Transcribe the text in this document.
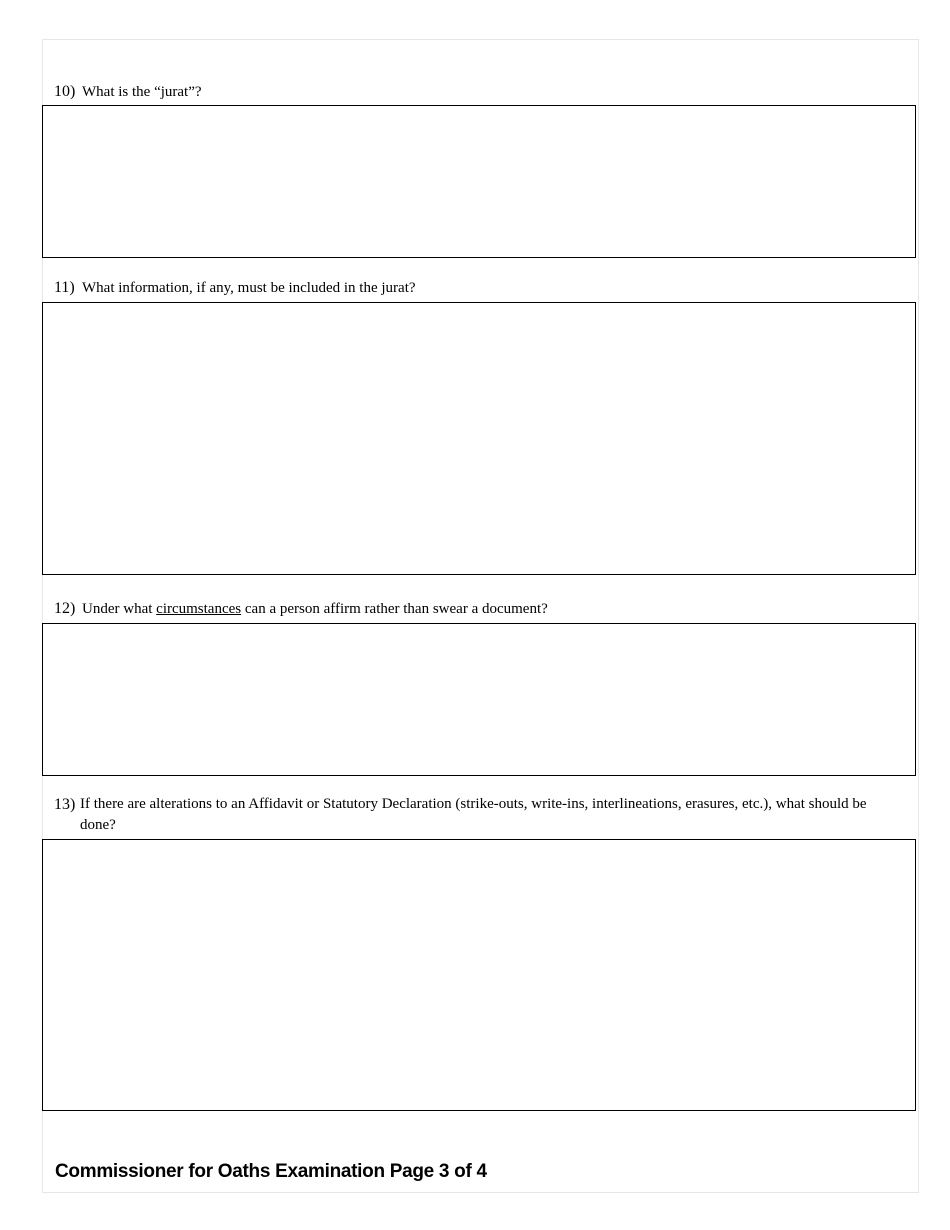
10) What is the “jurat”?
11) What information, if any, must be included in the jurat?
12) Under what circumstances can a person affirm rather than swear a document?
13) If there are alterations to an Affidavit or Statutory Declaration (strike-outs, write-ins, interlineations, erasures, etc.), what should be done?
Commissioner for Oaths Examination Page 3 of 4
